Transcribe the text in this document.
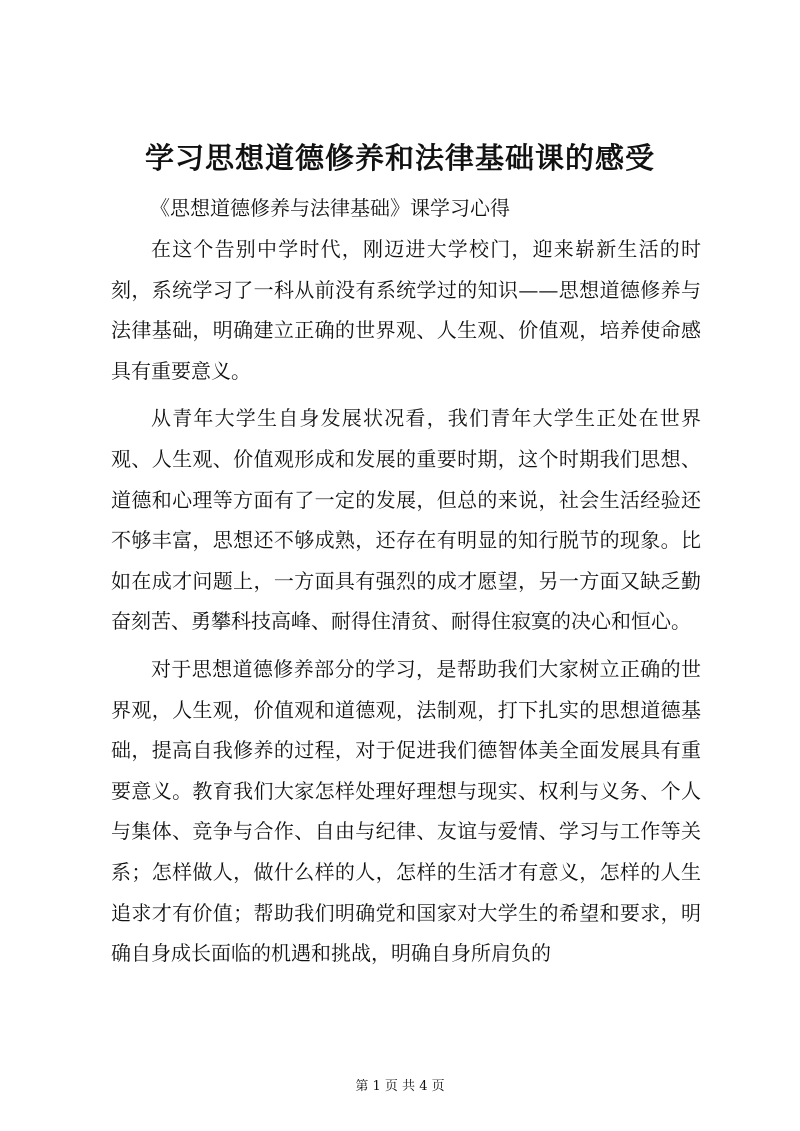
学习思想道德修养和法律基础课的感受
《思想道德修养与法律基础》课学习心得

在这个告别中学时代，刚迈进大学校门，迎来崭新生活的时刻，系统学习了一科从前没有系统学过的知识——思想道德修养与法律基础，明确建立正确的世界观、人生观、价值观，培养使命感具有重要意义。

从青年大学生自身发展状况看，我们青年大学生正处在世界观、人生观、价值观形成和发展的重要时期，这个时期我们思想、道德和心理等方面有了一定的发展，但总的来说，社会生活经验还不够丰富，思想还不够成熟，还存在有明显的知行脱节的现象。比如在成才问题上，一方面具有强烈的成才愿望，另一方面又缺乏勤奋刻苦、勇攀科技高峰、耐得住清贫、耐得住寂寞的决心和恒心。

对于思想道德修养部分的学习，是帮助我们大家树立正确的世界观，人生观，价值观和道德观，法制观，打下扎实的思想道德基础，提高自我修养的过程，对于促进我们德智体美全面发展具有重要意义。教育我们大家怎样处理好理想与现实、权利与义务、个人与集体、竞争与合作、自由与纪律、友谊与爱情、学习与工作等关系；怎样做人，做什么样的人，怎样的生活才有意义，怎样的人生追求才有价值；帮助我们明确党和国家对大学生的希望和要求，明确自身成长面临的机遇和挑战，明确自身所肩负的

第 1 页 共 4 页
